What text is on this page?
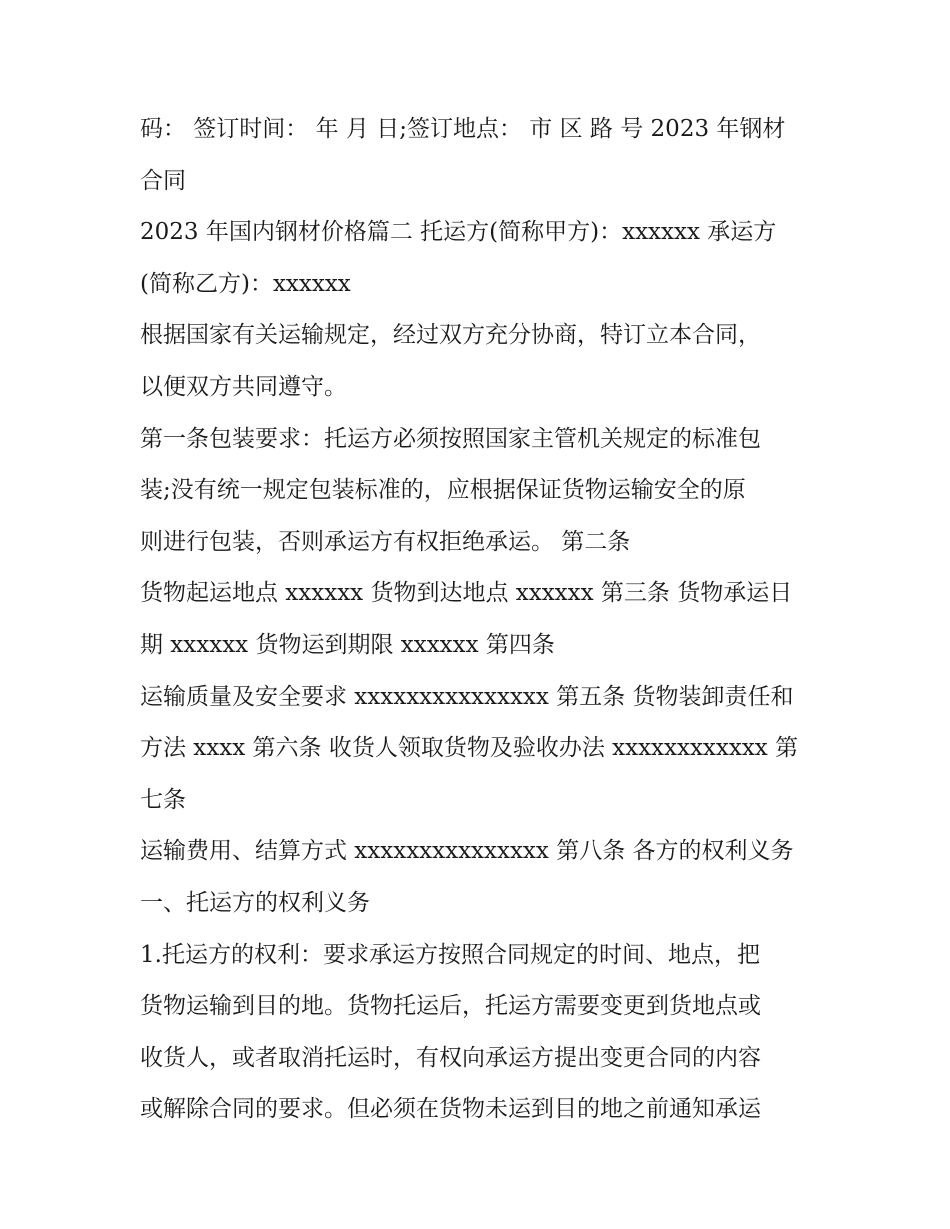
码： 签订时间： 年 月 日;签订地点： 市 区 路 号 2023 年钢材
合同
2023 年国内钢材价格篇二 托运方(简称甲方)：xxxxxx 承运方
(简称乙方)：xxxxxx
根据国家有关运输规定，经过双方充分协商，特订立本合同，
以便双方共同遵守。
第一条包装要求：托运方必须按照国家主管机关规定的标准包
装;没有统一规定包装标准的，应根据保证货物运输安全的原
则进行包装，否则承运方有权拒绝承运。 第二条
货物起运地点 xxxxxx 货物到达地点 xxxxxx 第三条 货物承运日
期 xxxxxx 货物运到期限 xxxxxx 第四条
运输质量及安全要求 xxxxxxxxxxxxxxx 第五条 货物装卸责任和
方法 xxxx 第六条 收货人领取货物及验收办法 xxxxxxxxxxxx 第
七条
运输费用、结算方式 xxxxxxxxxxxxxxx 第八条 各方的权利义务
一、托运方的权利义务
1.托运方的权利：要求承运方按照合同规定的时间、地点，把
货物运输到目的地。货物托运后，托运方需要变更到货地点或
收货人，或者取消托运时，有权向承运方提出变更合同的内容
或解除合同的要求。但必须在货物未运到目的地之前通知承运
